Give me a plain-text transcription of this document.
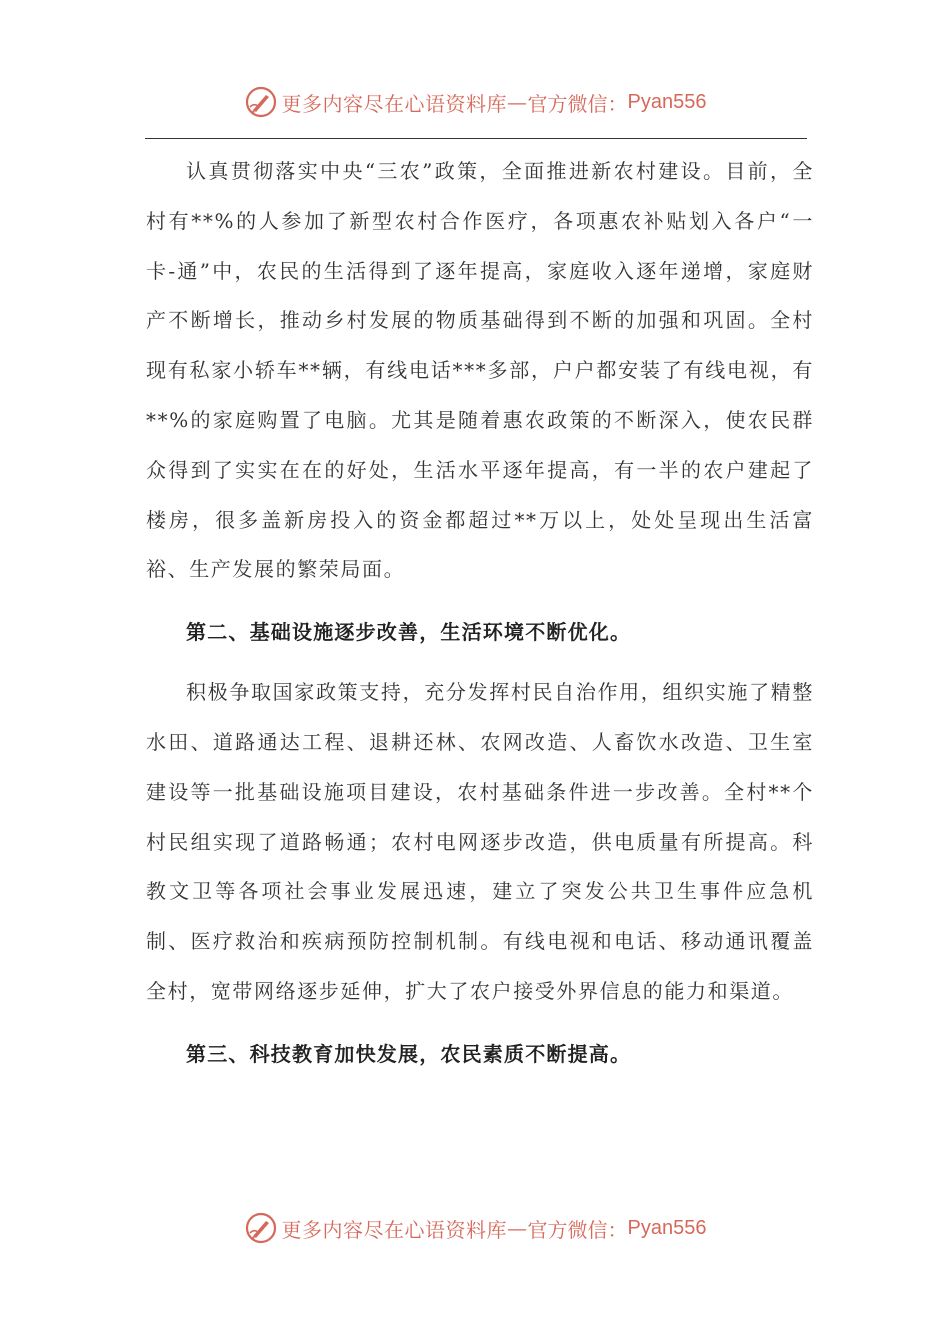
更多内容尽在心语资料库 — 官方微信： Pyan556

认真贯彻落实中央“三农”政策，全面推进新农村建设。目前，全村有**%的人参加了新型农村合作医疗，各项惠农补贴划入各户“一卡-通”中，农民的生活得到了逐年提高，家庭收入逐年递增，家庭财产不断增长，推动乡村发展的物质基础得到不断的加强和巩固。全村现有私家小轿车**辆，有线电话***多部，户户都安装了有线电视，有**%的家庭购置了电脑。尤其是随着惠农政策的不断深入，使农民群众得到了实实在在的好处，生活水平逐年提高，有一半的农户建起了楼房，很多盖新房投入的资金都超过**万以上，处处呈现出生活富裕、生产发展的繁荣局面。

第二、基础设施逐步改善，生活环境不断优化。

积极争取国家政策支持，充分发挥村民自治作用，组织实施了精整水田、道路通达工程、退耕还林、农网改造、人畜饮水改造、卫生室建设等一批基础设施项目建设，农村基础条件进一步改善。全村**个村民组实现了道路畅通；农村电网逐步改造，供电质量有所提高。科教文卫等各项社会事业发展迅速，建立了突发公共卫生事件应急机制、医疗救治和疾病预防控制机制。有线电视和电话、移动通讯覆盖全村，宽带网络逐步延伸，扩大了农户接受外界信息的能力和渠道。

第三、科技教育加快发展，农民素质不断提高。

更多内容尽在心语资料库 — 官方微信： Pyan556
